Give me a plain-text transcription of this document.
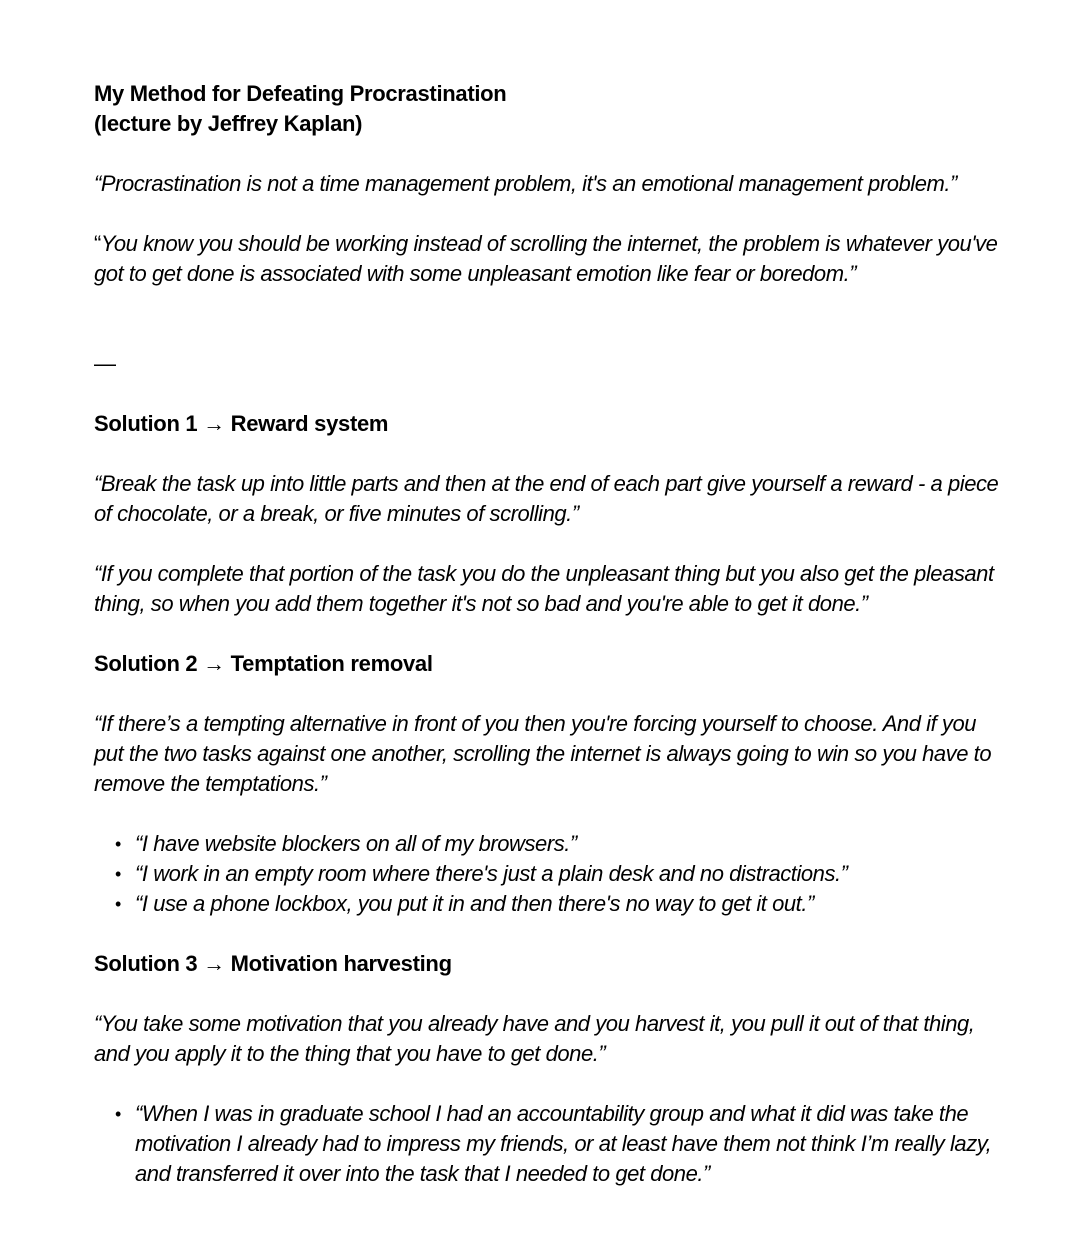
My Method for Defeating Procrastination
(lecture by Jeffrey Kaplan)

“Procrastination is not a time management problem, it's an emotional management problem.”

“You know you should be working instead of scrolling the internet, the problem is whatever you've got to get done is associated with some unpleasant emotion like fear or boredom.”

—

Solution 1 → Reward system

“Break the task up into little parts and then at the end of each part give yourself a reward - a piece of chocolate, or a break, or five minutes of scrolling.”

“If you complete that portion of the task you do the unpleasant thing but you also get the pleasant thing, so when you add them together it's not so bad and you're able to get it done.”

Solution 2 → Temptation removal

“If there’s a tempting alternative in front of you then you're forcing yourself to choose. And if you put the two tasks against one another, scrolling the internet is always going to win so you have to remove the temptations.”

• “I have website blockers on all of my browsers.”
• “I work in an empty room where there's just a plain desk and no distractions.”
• “I use a phone lockbox, you put it in and then there's no way to get it out.”

Solution 3 → Motivation harvesting

“You take some motivation that you already have and you harvest it, you pull it out of that thing, and you apply it to the thing that you have to get done.”

• “When I was in graduate school I had an accountability group and what it did was take the motivation I already had to impress my friends, or at least have them not think I’m really lazy, and transferred it over into the task that I needed to get done.”
